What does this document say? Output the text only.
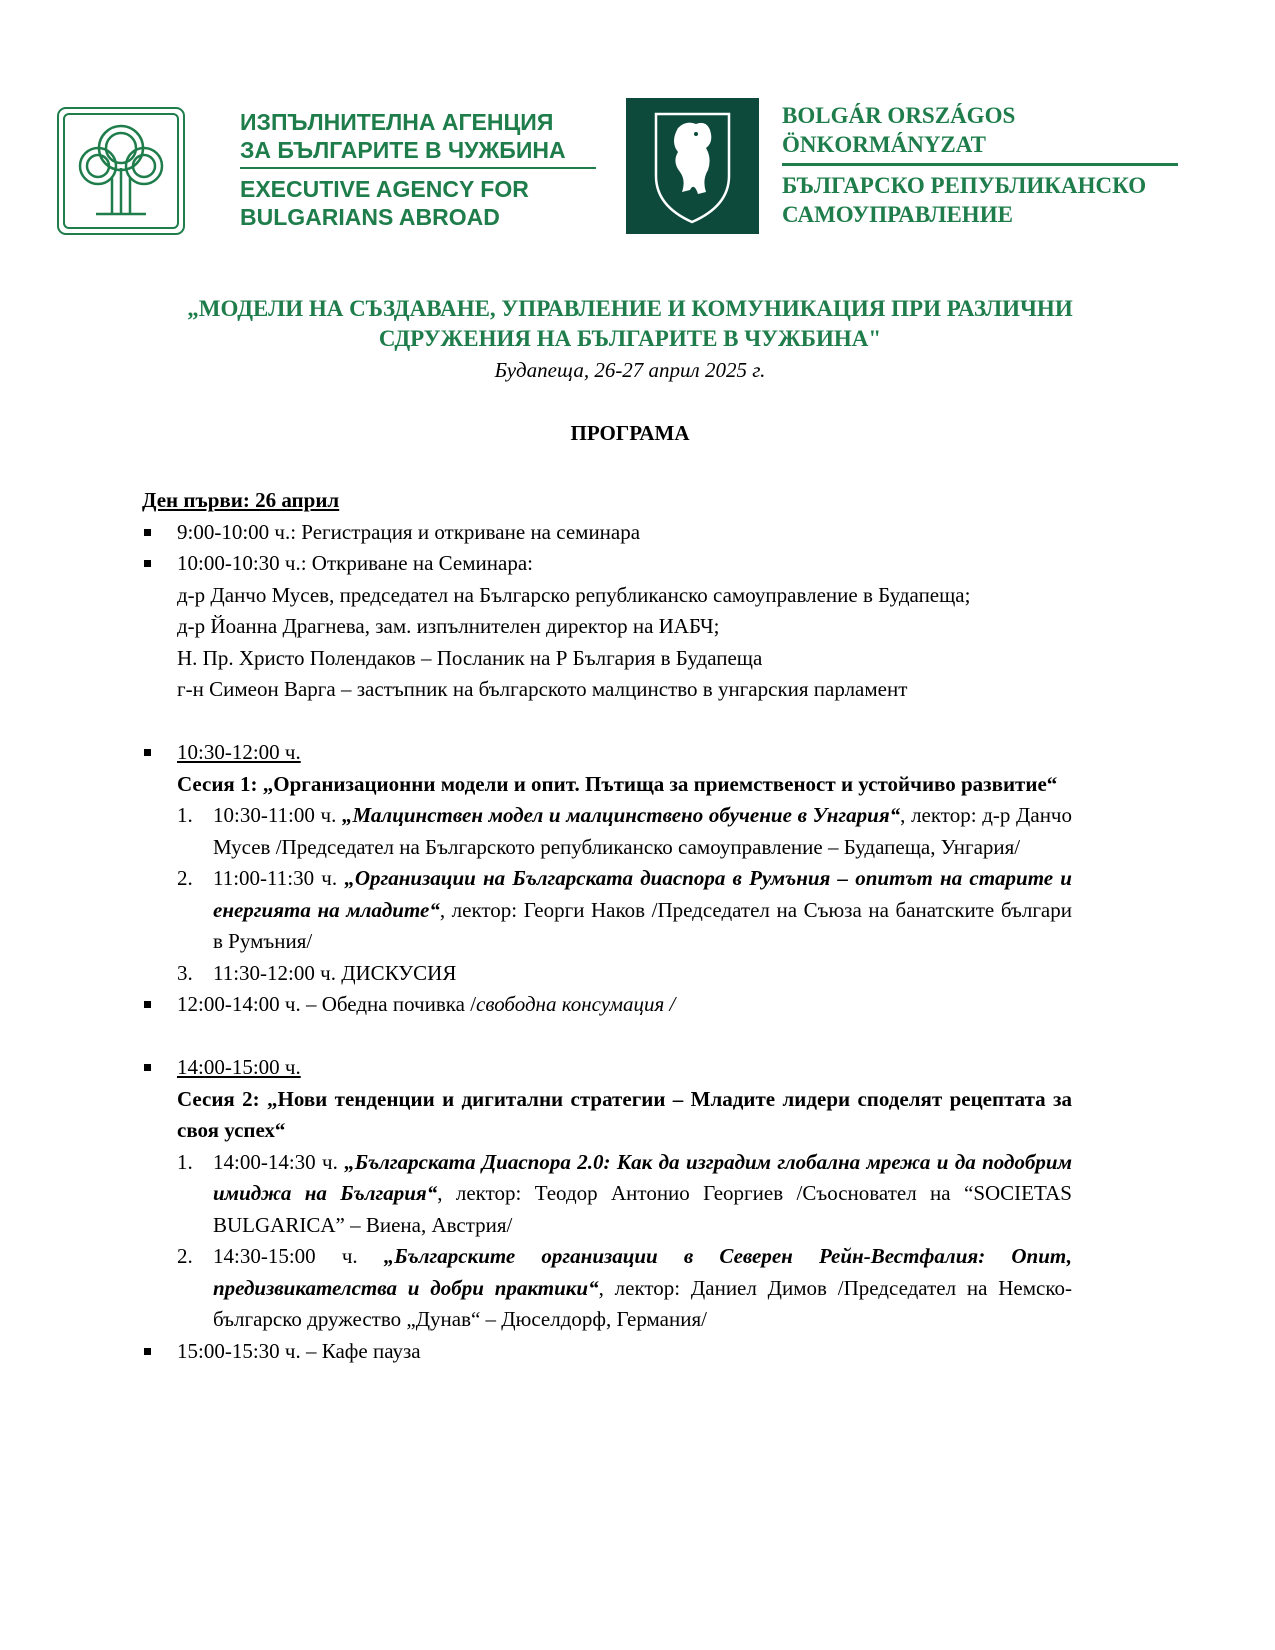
ИЗПЪЛНИТЕЛНА АГЕНЦИЯ
ЗА БЪЛГАРИТЕ В ЧУЖБИНА
EXECUTIVE AGENCY FOR
BULGARIANS ABROAD
BOLGÁR ORSZÁGOS
ÖNKORMÁNYZAT
БЪЛГАРСКО РЕПУБЛИКАНСКО
САМОУПРАВЛЕНИЕ
„МОДЕЛИ НА СЪЗДАВАНЕ, УПРАВЛЕНИЕ И КОМУНИКАЦИЯ ПРИ РАЗЛИЧНИ
СДРУЖЕНИЯ НА БЪЛГАРИТЕ В ЧУЖБИНА"
Будапеща, 26-27 април 2025 г.
ПРОГРАМА
Ден първи: 26 април
9:00-10:00 ч.: Регистрация и откриване на семинара
10:00-10:30 ч.: Откриване на Семинара:
д-р Данчо Мусев, председател на Българско републиканско самоуправление в Будапеща;
д-р Йоанна Драгнева, зам. изпълнителен директор на ИАБЧ;
Н. Пр. Христо Полендаков – Посланик на Р България в Будапеща
г-н Симеон Варга – застъпник на българското малцинство в унгарския парламент
10:30-12:00 ч.
Сесия 1: „Организационни модели и опит. Пътища за приемственост и устойчиво развитие“
1. 10:30-11:00 ч. „Малцинствен модел и малцинствено обучение в Унгария“, лектор: д-р Данчо Мусев /Председател на Българското републиканско самоуправление – Будапеща, Унгария/
2. 11:00-11:30 ч. „Организации на Българската диаспора в Румъния – опитът на старите и енергията на младите“, лектор: Георги Наков /Председател на Съюза на банатските българи в Румъния/
3. 11:30-12:00 ч. ДИСКУСИЯ
12:00-14:00 ч. – Обедна почивка /свободна консумация /
14:00-15:00 ч.
Сесия 2: „Нови тенденции и дигитални стратегии – Младите лидери споделят рецептата за своя успех“
1. 14:00-14:30 ч. „Българската Диаспора 2.0: Как да изградим глобална мрежа и да подобрим имиджа на България“, лектор: Теодор Антонио Георгиев /Съосновател на “SOCIETAS BULGARICA” – Виена, Австрия/
2. 14:30-15:00 ч. „Българските организации в Северен Рейн-Вестфалия: Опит, предизвикателства и добри практики“, лектор: Даниел Димов /Председател на Немско-българско дружество „Дунав“ – Дюселдорф, Германия/
15:00-15:30 ч. – Кафе пауза
